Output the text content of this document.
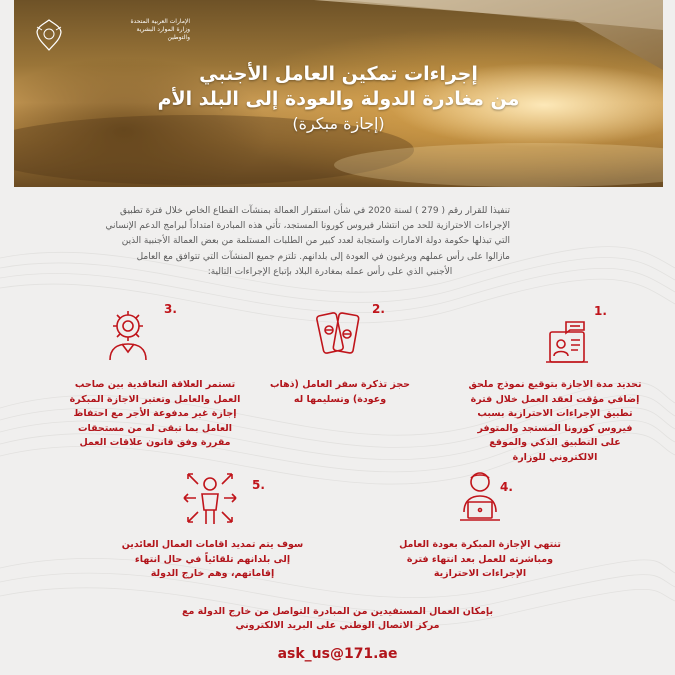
الإمارات العربية المتحدة
وزارة الموارد البشرية
والتوطين
إجراءات تمكين العامل الأجنبي
من مغادرة الدولة والعودة إلى البلد الأم
(إجازة مبكرة)
تنفيذا للقرار رقم ( 279 ) لسنة 2020 في شأن استقرار العمالة بمنشآت القطاع الخاص خلال فترة تطبيق
الإجراءات الاحترازية للحد من انتشار فيروس كورونا المستجد، تأتي هذه المبادرة امتداداً لبرامج الدعم الإنساني
التي تبذلها حكومة دولة الامارات واستجابة لعدد كبير من الطلبات المستلمة من بعض العمالة الأجنبية الذين
مازالوا على رأس عملهم ويرغبون في العودة إلى بلدانهم. تلتزم جميع المنشآت التي تتوافق مع العامل
الأجنبي الذي على رأس عمله بمغادرة البلاد بإتباع الإجراءات التالية:
.1
تحديد مدة الاجازة بتوقيع نموذج ملحق
إضافي مؤقت لعقد العمل خلال فترة
تطبيق الإجراءات الاحترازية بسبب
فيروس كورونا المستجد والمتوفر
على التطبيق الذكي والموقع
الالكتروني للوزارة
.2
حجز تذكرة سفر العامل (ذهاب
وعودة) وتسليمها له
.3
تستمر العلاقة التعاقدية بين صاحب
العمل والعامل وتعتبر الاجازة المبكرة
إجازة غير مدفوعة الأجر مع احتفاظ
العامل بما تبقى له من مستحقات
مقررة وفق قانون علاقات العمل
.4
تنتهي الإجازة المبكرة بعودة العامل
ومباشرته للعمل بعد انتهاء فترة
الإجراءات الاحترازية
.5
سوف يتم تمديد اقامات العمال العائدين
إلى بلدانهم تلقائياً في حال انتهاء
إقاماتهم، وهم خارج الدولة
بإمكان العمال المستفيدين من المبادرة التواصل من خارج الدولة مع
مركز الاتصال الوطني على البريد الالكتروني
ask_us@171.ae
